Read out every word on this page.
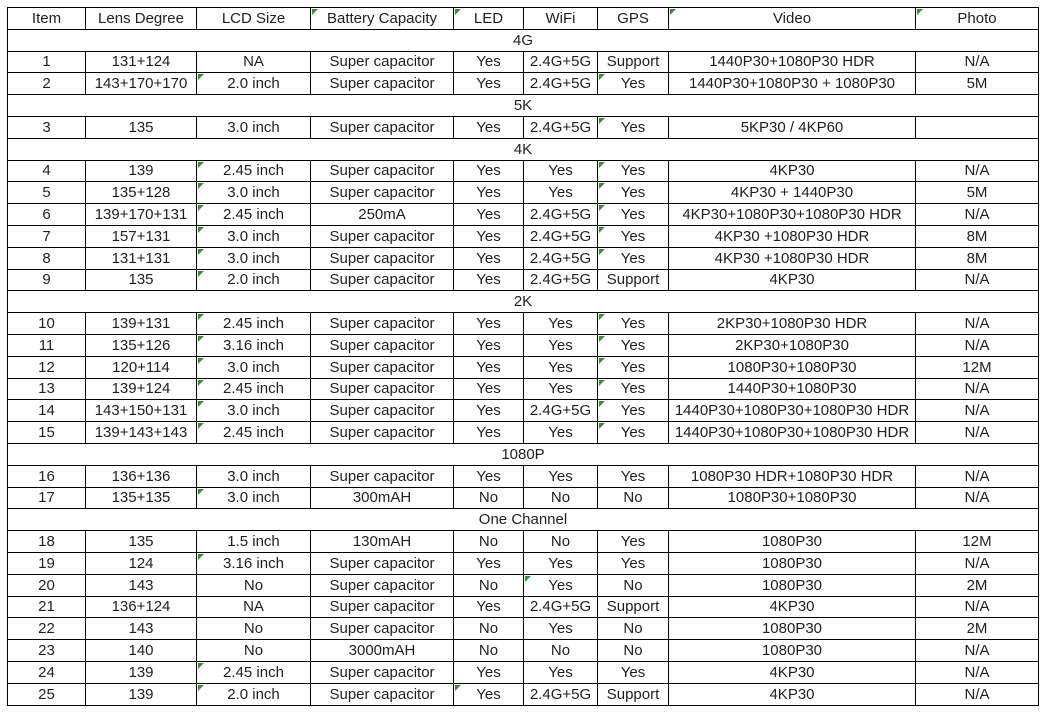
Item	Lens Degree	LCD Size	Battery Capacity	LED	WiFi	GPS	Video	Photo

4G								
1	131+124	NA	Super capacitor	Yes	2.4G+5G	Support	1440P30+1080P30 HDR	N/A
2	143+170+170	2.0 inch	Super capacitor	Yes	2.4G+5G	Yes	1440P30+1080P30 + 1080P30	5M
5K								
3	135	3.0 inch	Super capacitor	Yes	2.4G+5G	Yes	5KP30 / 4KP60	
4K								
4	139	2.45 inch	Super capacitor	Yes	Yes	Yes	4KP30	N/A
5	135+128	3.0 inch	Super capacitor	Yes	Yes	Yes	4KP30 + 1440P30	5M
6	139+170+131	2.45 inch	250mA	Yes	2.4G+5G	Yes	4KP30+1080P30+1080P30 HDR	N/A
7	157+131	3.0 inch	Super capacitor	Yes	2.4G+5G	Yes	4KP30 +1080P30 HDR	8M
8	131+131	3.0 inch	Super capacitor	Yes	2.4G+5G	Yes	4KP30 +1080P30 HDR	8M
9	135	2.0 inch	Super capacitor	Yes	2.4G+5G	Support	4KP30	N/A
2K								
10	139+131	2.45 inch	Super capacitor	Yes	Yes	Yes	2KP30+1080P30 HDR	N/A
11	135+126	3.16 inch	Super capacitor	Yes	Yes	Yes	2KP30+1080P30	N/A
12	120+114	3.0 inch	Super capacitor	Yes	Yes	Yes	1080P30+1080P30	12M
13	139+124	2.45 inch	Super capacitor	Yes	Yes	Yes	1440P30+1080P30	N/A
14	143+150+131	3.0 inch	Super capacitor	Yes	2.4G+5G	Yes	1440P30+1080P30+1080P30 HDR	N/A
15	139+143+143	2.45 inch	Super capacitor	Yes	Yes	Yes	1440P30+1080P30+1080P30 HDR	N/A
1080P								
16	136+136	3.0 inch	Super capacitor	Yes	Yes	Yes	1080P30 HDR+1080P30 HDR	N/A
17	135+135	3.0 inch	300mAH	No	No	No	1080P30+1080P30	N/A
One Channel								
18	135	1.5 inch	130mAH	No	No	Yes	1080P30	12M
19	124	3.16 inch	Super capacitor	Yes	Yes	Yes	1080P30	N/A
20	143	No	Super capacitor	No	Yes	No	1080P30	2M
21	136+124	NA	Super capacitor	Yes	2.4G+5G	Support	4KP30	N/A
22	143	No	Super capacitor	No	Yes	No	1080P30	2M
23	140	No	3000mAH	No	No	No	1080P30	N/A
24	139	2.45 inch	Super capacitor	Yes	Yes	Yes	4KP30	N/A
25	139	2.0 inch	Super capacitor	Yes	2.4G+5G	Support	4KP30	N/A
